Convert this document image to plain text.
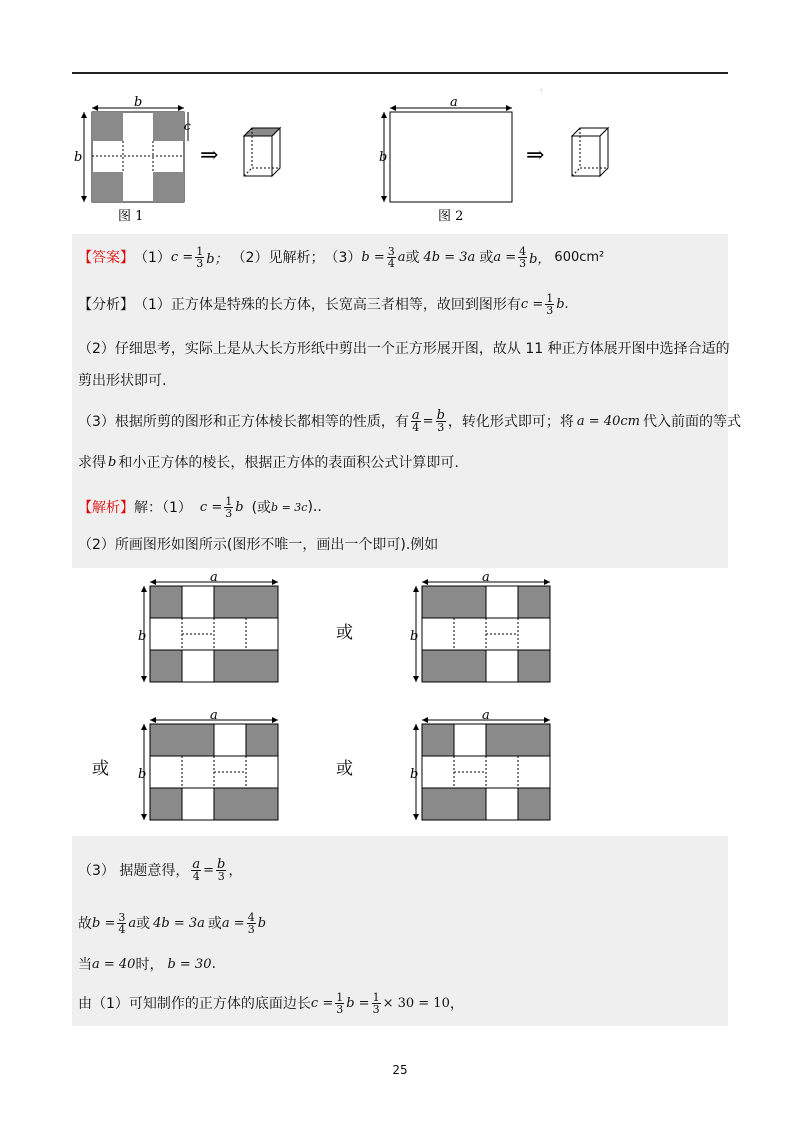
·
b
b
c
图 1
⇒
a
b
图 2
⇒
【答案】 （1） $c = \frac{1}{3}$ b； （2）见解析； （3） $b = \frac{3}{4}$ a 或 4b = 3a 或 $a = \frac{4}{3}$ b， 600cm²
【分析】 （1）正方体是特殊的长方体，长宽高三者相等，故回到图形有 $c = \frac{1}{3} b$.
（2）仔细思考，实际上是从大长方形纸中剪出一个正方形展开图，故从 11 种正方体展开图中选择合适的
剪出形状即可.
（3）根据所剪的图形和正方体棱长都相等的性质，有 $\frac{a}{4} = \frac{b}{3}$ ，转化形式即可；将 a = 40cm 代入前面的等式
求得 b 和小正方体的棱长，根据正方体的表面积公式计算即可.
【解析】 解：（1） $c = \frac{1}{3}$ b (或 b = 3c )..
（2）所画图形如图所示(图形不唯一，画出一个即可).例如
a
b	或
a
b
或
a
b	或
a
b
（3） 据题意得， $\frac{a}{4} = \frac{b}{3}$ ，
故 $b = \frac{3}{4}$ a 或 4b = 3a 或 $a = \frac{4}{3}$ b
当 a = 40 时， b = 30 .
由（1）可知制作的正方体的底面边长 $c = \frac{1}{3}$ $b = \frac{1}{3} \times 30 = 10$ ，
25
